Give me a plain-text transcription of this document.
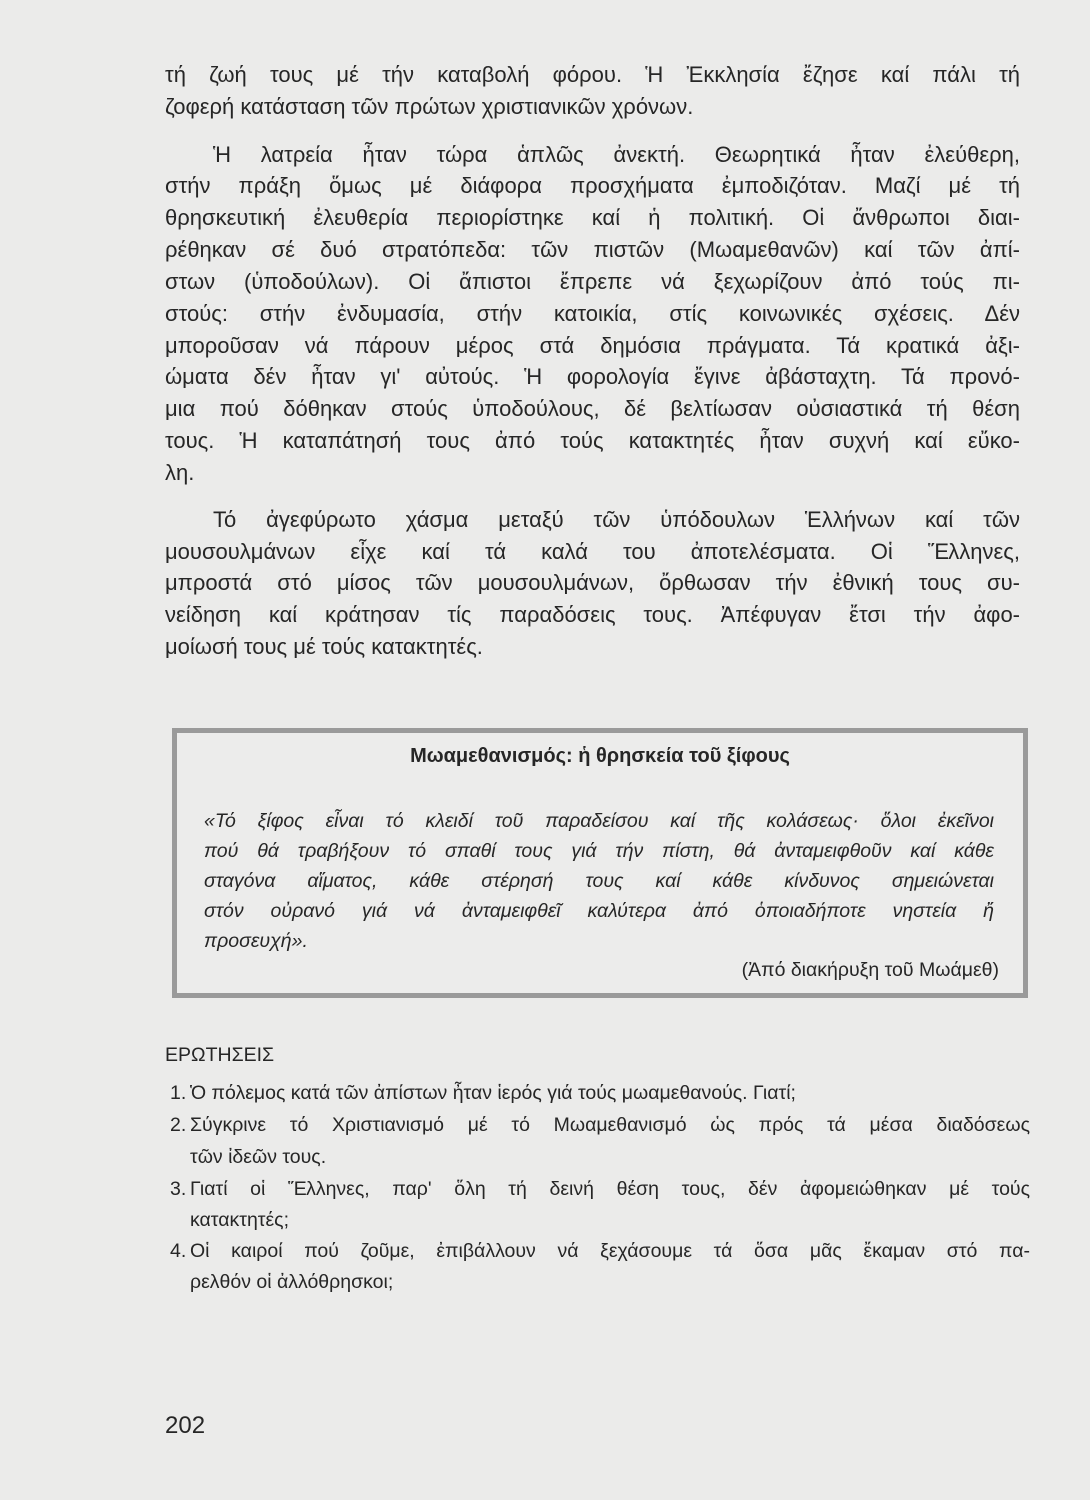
τή ζωή τους μέ τήν καταβολή φόρου. Ἡ Ἐκκλησία ἔζησε καί πάλι τή
ζοφερή κατάσταση τῶν πρώτων χριστιανικῶν χρόνων.
Ἡ λατρεία ἦταν τώρα ἁπλῶς ἀνεκτή. Θεωρητικά ἦταν ἐλεύθερη,
στήν πράξη ὅμως μέ διάφορα προσχήματα ἐμποδιζόταν. Μαζί μέ τή
θρησκευτική ἐλευθερία περιορίστηκε καί ἡ πολιτική. Οἱ ἄνθρωποι διαι-
ρέθηκαν σέ δυό στρατόπεδα: τῶν πιστῶν (Μωαμεθανῶν) καί τῶν ἀπί-
στων (ὑποδούλων). Οἱ ἄπιστοι ἔπρεπε νά ξεχωρίζουν ἀπό τούς πι-
στούς: στήν ἐνδυμασία, στήν κατοικία, στίς κοινωνικές σχέσεις. Δέν
μποροῦσαν νά πάρουν μέρος στά δημόσια πράγματα. Τά κρατικά ἀξι-
ώματα δέν ἦταν γι' αὐτούς. Ἡ φορολογία ἔγινε ἀβάσταχτη. Τά προνό-
μια πού δόθηκαν στούς ὑποδούλους, δέ βελτίωσαν οὐσιαστικά τή θέση
τους. Ἡ καταπάτησή τους ἀπό τούς κατακτητές ἦταν συχνή καί εὔκο-
λη.
Τό ἀγεφύρωτο χάσμα μεταξύ τῶν ὑπόδουλων Ἑλλήνων καί τῶν
μουσουλμάνων εἶχε καί τά καλά του ἀποτελέσματα. Οἱ Ἕλληνες,
μπροστά στό μίσος τῶν μουσουλμάνων, ὄρθωσαν τήν ἐθνική τους συ-
νείδηση καί κράτησαν τίς παραδόσεις τους. Ἀπέφυγαν ἔτσι τήν ἀφο-
μοίωσή τους μέ τούς κατακτητές.
Μωαμεθανισμός: ἡ θρησκεία τοῦ ξίφους
«Τό ξίφος εἶναι τό κλειδί τοῦ παραδείσου καί τῆς κολάσεως· ὅλοι ἐκεῖνοι
πού θά τραβήξουν τό σπαθί τους γιά τήν πίστη, θά ἀνταμειφθοῦν καί κάθε
σταγόνα αἵματος, κάθε στέρησή τους καί κάθε κίνδυνος σημειώνεται
στόν οὐρανό γιά νά ἀνταμειφθεῖ καλύτερα ἀπό ὁποιαδήποτε νηστεία ἤ
προσευχή».
(Ἀπό διακήρυξη τοῦ Μωάμεθ)
ΕΡΩΤΗΣΕΙΣ
1. Ὁ πόλεμος κατά τῶν ἀπίστων ἦταν ἱερός γιά τούς μωαμεθανούς. Γιατί;
2. Σύγκρινε τό Χριστιανισμό μέ τό Μωαμεθανισμό ὡς πρός τά μέσα διαδόσεως
τῶν ἰδεῶν τους.
3. Γιατί οἱ Ἕλληνες, παρ' ὅλη τή δεινή θέση τους, δέν ἀφομειώθηκαν μέ τούς
κατακτητές;
4. Οἱ καιροί πού ζοῦμε, ἐπιβάλλουν νά ξεχάσουμε τά ὅσα μᾶς ἔκαμαν στό πα-
ρελθόν οἱ ἀλλόθρησκοι;
202
